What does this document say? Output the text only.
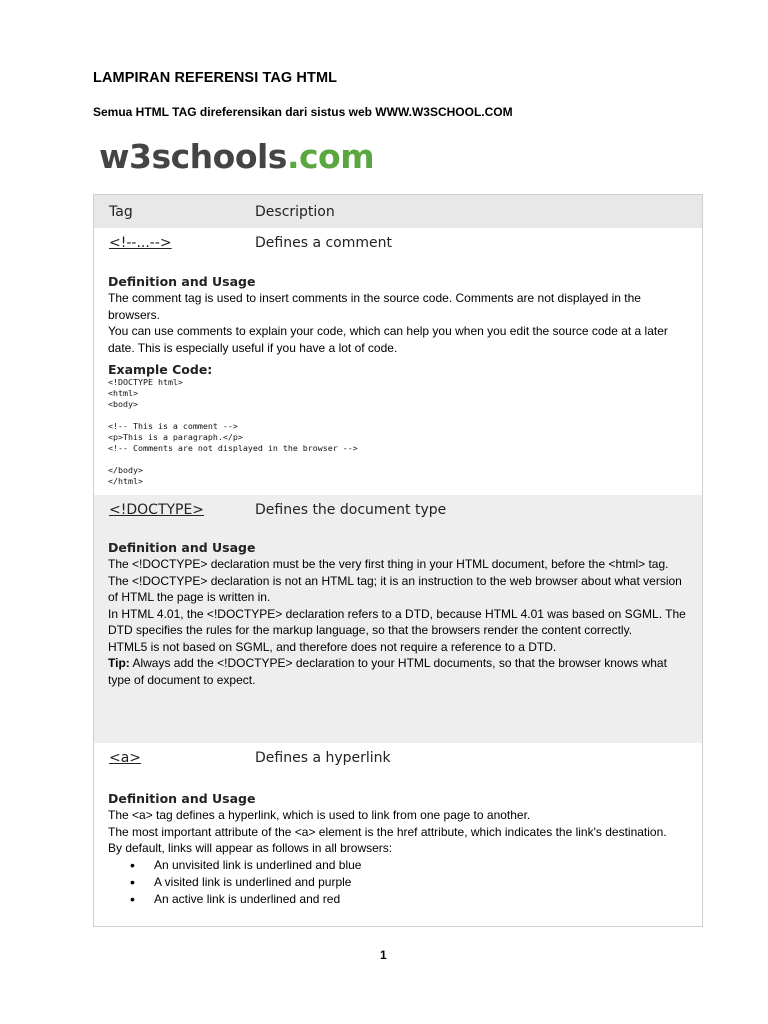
LAMPIRAN REFERENSI TAG HTML
Semua HTML TAG direferensikan dari sistus web WWW.W3SCHOOL.COM
w3schools.com
Tag	Description
<!--...-->	Defines a comment

Definition and Usage

The comment tag is used to insert comments in the source code. Comments are not displayed in the browsers.

You can use comments to explain your code, which can help you when you edit the source code at a later date. This is especially useful if you have a lot of code.

Example Code:

<!DOCTYPE html>

<html>

<body>

<!-- This is a comment -->

<p>This is a paragraph.</p>

<!-- Comments are not displayed in the browser -->

</body>

</html>

<!DOCTYPE>	Defines the document type

Definition and Usage

The <!DOCTYPE> declaration must be the very first thing in your HTML document, before the <html> tag.

The <!DOCTYPE> declaration is not an HTML tag; it is an instruction to the web browser about what version of HTML the page is written in.

In HTML 4.01, the <!DOCTYPE> declaration refers to a DTD, because HTML 4.01 was based on SGML. The DTD specifies the rules for the markup language, so that the browsers render the content correctly.

HTML5 is not based on SGML, and therefore does not require a reference to a DTD.

Tip: Always add the <!DOCTYPE> declaration to your HTML documents, so that the browser knows what type of document to expect.

<a>	Defines a hyperlink

Definition and Usage

The <a> tag defines a hyperlink, which is used to link from one page to another.

The most important attribute of the <a> element is the href attribute, which indicates the link's destination.

By default, links will appear as follows in all browsers:

• An unvisited link is underlined and blue
• A visited link is underlined and purple
• An active link is underlined and red
1
